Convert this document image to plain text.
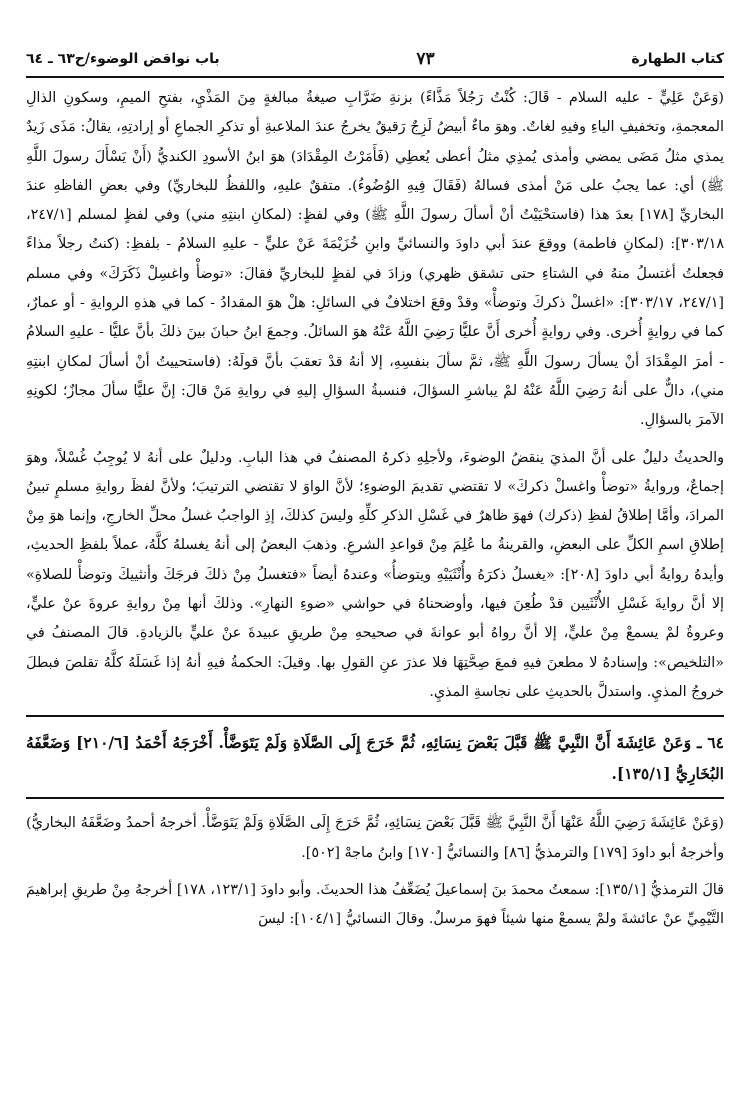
كتاب الطهارة
٧٣
باب نواقض الوضوء/ح٦٣ ـ ٦٤

(وَعَنْ عَلِيٍّ - عليه السلام - قَالَ: كُنْتُ رَجُلاً مَذَّاءً) بزنةِ ضَرَّابِ صيغةُ مبالغةٍ مِنَ المَذْيِ، بفتحِ الميمِ، وسكونِ الذالِ المعجمةِ، وتخفيفِ الياءِ وفيهِ لغاتٌ. وهوَ ماءٌ أبيضُ لَزِجٌ رَقيقٌ يخرجُ عندَ الملاعبةِ أو تذكرِ الجماعِ أو إرادتِهِ، يقالُ: مَذَى زَيدٌ يمذي مثلُ مَضَى يمضي وأمذى يُمذِي مثلُ أعطى يُعطِي (فَأَمَرْتُ المِقْدَادَ) هوَ ابنُ الأسودِ الكنديُّ (أَنْ يَسْأَلَ رسولَ اللَّهِ ﷺ) أي: عما يجبُ على مَنْ أمذى فسالهُ (فَقَالَ فِيهِ الوُضُوءُ). متفقٌ عليهِ، واللفظُ للبخاريِّ) وفي بعضِ الفاظهِ عندَ البخاريِّ [١٧٨] بعدَ هذا (فاستحْيَيْتُ أنْ أسألَ رسولَ اللَّهِ ﷺ) وفي لفظٍ: (لمكانِ ابنتِهِ مني) وفي لفظٍ لمسلم [٢٤٧/١، ٣٠٣/١٨]: (لمكانِ فاطمة) ووقعَ عندَ أبي داودَ والنسائيِّ وابنِ خُزَيْمَةَ عَنْ عليٍّ - عليهِ السلامُ - بلفظِ: (كنتُ رجلاً مذاءً فجعلتُ أغتسلُ منهُ في الشتاءِ حتى تشقق ظهري) وزادَ في لفظٍ للبخاريِّ فقالَ: «توضأْ واغسِلْ ذَكَرَكَ» وفي مسلم [٢٤٧/١، ٣٠٣/١٧]: «اغسلْ ذكركَ وتوضأْ» وقدْ وقعَ اختلافٌ في السائلِ: هلْ هوَ المقدادُ - كما في هذهِ الروايةِ - أو عمارٌ، كما في روايةٍ أُخرى. وفي روايةٍ أُخرى أَنَّ عليًّا رَضِيَ اللَّهُ عَنْهُ هوَ السائلُ. وجمعَ ابنُ حبانَ بينَ ذلكَ بأنَّ عليًّا - عليهِ السلامُ - أمرَ المِقْدَادَ أنْ يسألَ رسولَ اللَّهِ ﷺ، ثمَّ سألَ بنفسِهِ، إلا أنهُ قدْ تعقبَ بأنَّ قولَهُ: (فاستحييتُ أنْ أسألَ لمكانِ ابنتِهِ مني)، دالٌّ على أنهُ رَضِيَ اللَّهُ عَنْهُ لمْ يباشرِ السؤالَ، فنسبةُ السؤالِ إليهِ في روايةِ مَنْ قالَ: إنَّ عليًّا سألَ مجازٌ؛ لكونِهِ الآمرَ بالسؤالِ.

والحديثُ دليلٌ على أنَّ المذيَ ينقضُ الوضوءَ، ولأجلِهِ ذكرهُ المصنفُ في هذا البابِ. ودليلٌ على أنهُ لا يُوجِبُ غُسْلاً، وهوَ إجماعٌ، وروايةُ «توضأْ واغسلْ ذكركَ» لا تقتضي تقديمَ الوضوءِ؛ لأنَّ الواوَ لا تقتضي الترتيبَ؛ ولأنَّ لفظَ روايةِ مسلمٍ تبينُ المرادَ، وأمَّا إطلاقُ لفظِ (ذكرك) فهوَ ظاهرٌ في غَسْلِ الذكرِ كلِّهِ وليسَ كذلكَ، إذِ الواجبُ غسلُ محلِّ الخارجِ، وإنما هوَ مِنْ إطلاقِ اسمِ الكلِّ على البعضِ، والقرينةُ ما عُلِمَ مِنْ قواعدِ الشرعِ. وذهبَ البعضُ إلى أنهُ يغسلهُ كلَّهُ، عملاً بلفظِ الحديثِ، وأيدهُ روايةُ أبي داودَ [٢٠٨]: «يغسلُ ذكرَهُ وأُنْثَيَيْهِ ويتوضأُ» وعندهُ أيضاً «فتغسلُ مِنْ ذلكَ فرجَكَ وأنثييكَ وتوضأْ للصلاةِ» إلا أنَّ روايةَ غَسْلِ الأُنْثَيين قدْ طُعِنَ فيها، وأوضحناهُ في حواشي «ضوءِ النهارِ». وذلكَ أنها مِنْ روايةِ عروةَ عنْ عليٍّ، وعروةُ لمْ يسمعْ مِنْ عليٍّ، إلا أنَّ رواهُ أبو عوانةَ في صحيحهِ مِنْ طريقِ عبيدةَ عنْ عليٍّ بالزيادةِ. قالَ المصنفُ في «التلخيص»: وإسنادهُ لا مطعنَ فيهِ فمعَ صِحَّتِهَا فلا عذرَ عنِ القولِ بها. وقيلَ: الحكمةُ فيهِ أنهُ إذا غَسَلَهُ كلَّهُ تقلصَ فبطلَ خروجُ المذيِ. واستدلَّ بالحديثِ على نجاسةِ المذيِ.

٦٤ ـ وَعَنْ عَائِشَةَ أَنَّ النَّبِيَّ ﷺ قَبَّلَ بَعْضَ نِسَائِهِ، ثُمَّ خَرَجَ إِلَى الصَّلَاةِ وَلَمْ يَتَوَضَّأْ. أَخْرَجَهُ أَحْمَدُ [٢١٠/٦] وَضَعَّفَهُ البُخَارِيُّ [١٣٥/١].

(وَعَنْ عَائِشَةَ رَضِيَ اللَّهُ عَنْهَا أَنَّ النَّبِيَّ ﷺ قَبَّلَ بَعْضَ نِسَائِهِ، ثُمَّ خَرَجَ إِلَى الصَّلَاةِ وَلَمْ يَتَوَضَّأْ. أخرجهُ أحمدُ وضَعَّفَهُ البخاريُّ) وأخرجهُ أبو داودَ [١٧٩] والترمذيُّ [٨٦] والنسائيُّ [١٧٠] وابنُ ماجهْ [٥٠٢].

قالَ الترمذيُّ [١٣٥/١]: سمعتُ محمدَ بنَ إسماعيلَ يُضَعِّفُ هذا الحديثَ. وأبو داودَ [١٢٣/١، ١٧٨] أخرجهُ مِنْ طريقِ إبراهيمَ التَّيْمِيِّ عنْ عائشةَ ولمْ يسمعْ منها شيئاً فهوَ مرسلٌ. وقالَ النسائيُّ [١٠٤/١]: ليسَ
